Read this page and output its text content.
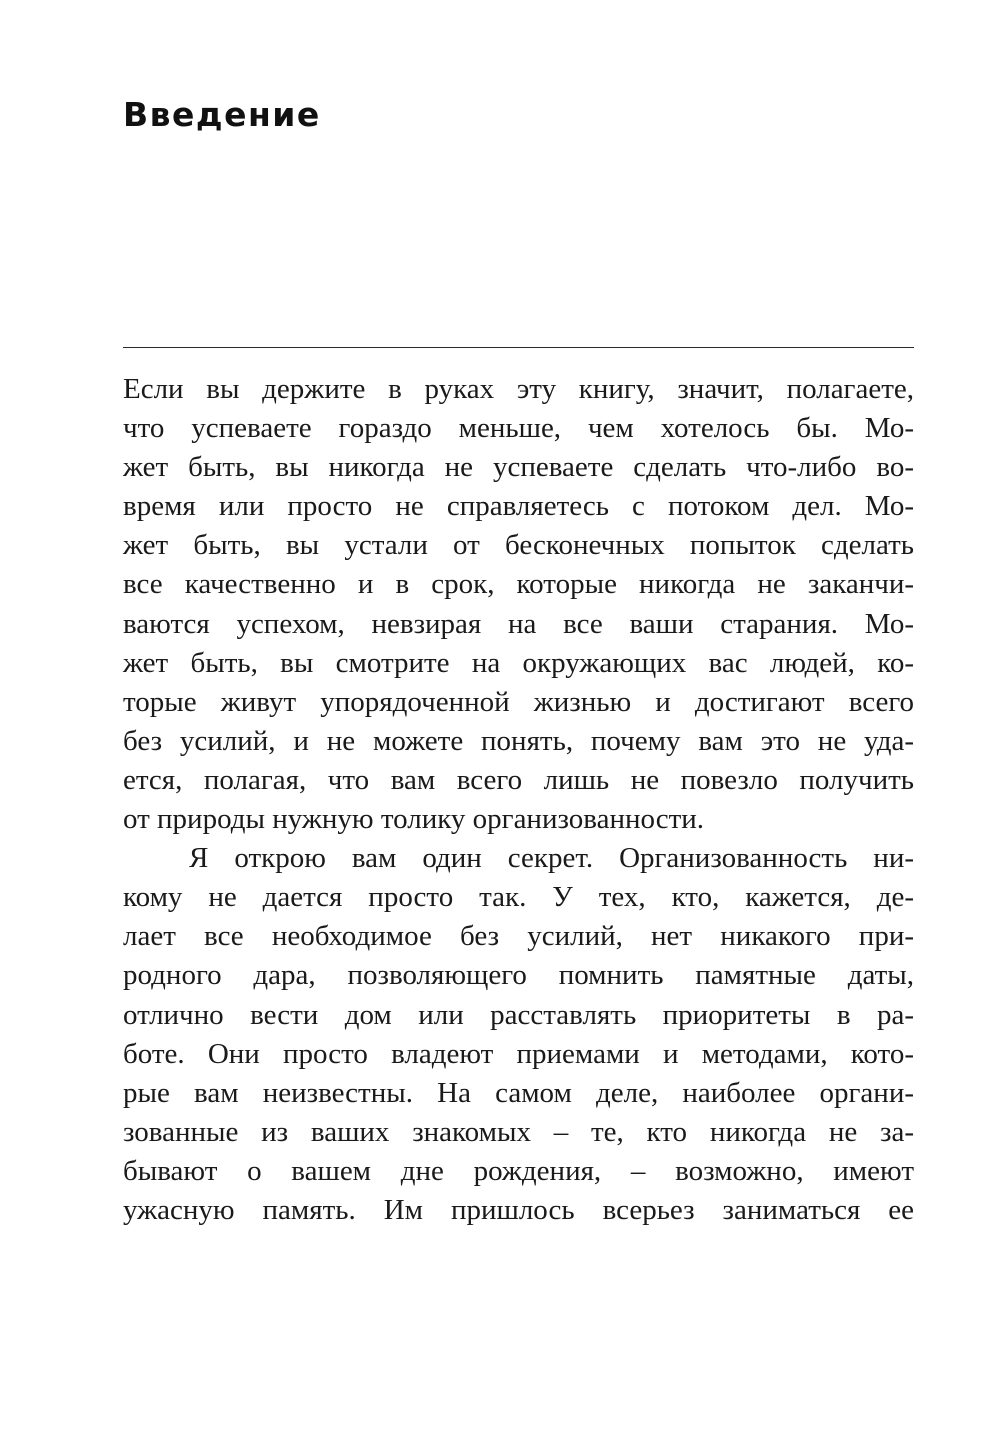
Введение

Если вы держите в руках эту книгу, значит, полагаете,
что успеваете гораздо меньше, чем хотелось бы. Мо-
жет быть, вы никогда не успеваете сделать что-либо во-
время или просто не справляетесь с потоком дел. Мо-
жет быть, вы устали от бесконечных попыток сделать
все качественно и в срок, которые никогда не заканчи-
ваются успехом, невзирая на все ваши старания. Мо-
жет быть, вы смотрите на окружающих вас людей, ко-
торые живут упорядоченной жизнью и достигают всего
без усилий, и не можете понять, почему вам это не уда-
ется, полагая, что вам всего лишь не повезло получить
от природы нужную толику организованности.

Я открою вам один секрет. Организованность ни-
кому не дается просто так. У тех, кто, кажется, де-
лает все необходимое без усилий, нет никакого при-
родного дара, позволяющего помнить памятные даты,
отлично вести дом или расставлять приоритеты в ра-
боте. Они просто владеют приемами и методами, кото-
рые вам неизвестны. На самом деле, наиболее органи-
зованные из ваших знакомых – те, кто никогда не за-
бывают о вашем дне рождения, – возможно, имеют
ужасную память. Им пришлось всерьез заниматься ее
